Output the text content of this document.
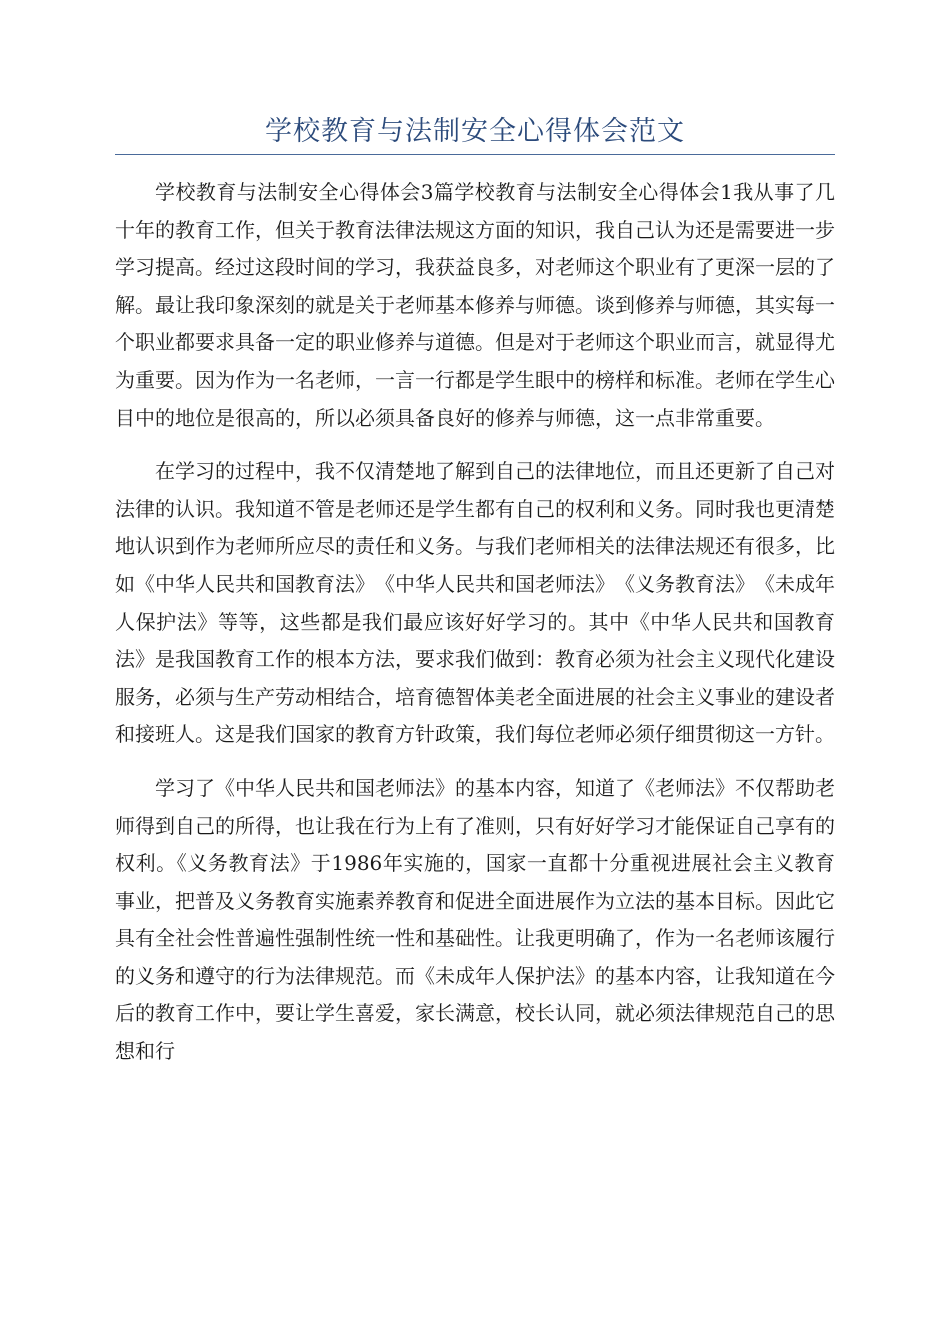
学校教育与法制安全心得体会范文

学校教育与法制安全心得体会3篇学校教育与法制安全心得体会1我从事了几十年的教育工作，但关于教育法律法规这方面的知识，我自己认为还是需要进一步学习提高。经过这段时间的学习，我获益良多，对老师这个职业有了更深一层的了解。最让我印象深刻的就是关于老师基本修养与师德。谈到修养与师德，其实每一个职业都要求具备一定的职业修养与道德。但是对于老师这个职业而言，就显得尤为重要。因为作为一名老师，一言一行都是学生眼中的榜样和标准。老师在学生心目中的地位是很高的，所以必须具备良好的修养与师德，这一点非常重要。

在学习的过程中，我不仅清楚地了解到自己的法律地位，而且还更新了自己对法律的认识。我知道不管是老师还是学生都有自己的权利和义务。同时我也更清楚地认识到作为老师所应尽的责任和义务。与我们老师相关的法律法规还有很多，比如《中华人民共和国教育法》　《中华人民共和国老师法》　《义务教育法》　《未成年人保护法》等等，这些都是我们最应该好好学习的。其中《中华人民共和国教育法》是我国教育工作的根本方法，要求我们做到：教育必须为社会主义现代化建设服务，必须与生产劳动相结合，培育德智体美老全面进展的社会主义事业的建设者和接班人。这是我们国家的教育方针政策，我们每位老师必须仔细贯彻这一方针。

学习了《中华人民共和国老师法》的基本内容，知道了《老师法》不仅帮助老师得到自己的所得，也让我在行为上有了准则，只有好好学习才能保证自己享有的权利。《义务教育法》于1986年实施的，国家一直都十分重视进展社会主义教育事业，把普及义务教育实施素养教育和促进全面进展作为立法的基本目标。因此它具有全社会性普遍性强制性统一性和基础性。让我更明确了，作为一名老师该履行的义务和遵守的行为法律规范。而《未成年人保护法》的基本内容，让我知道在今后的教育工作中，要让学生喜爱，家长满意，校长认同，就必须法律规范自己的思想和行
